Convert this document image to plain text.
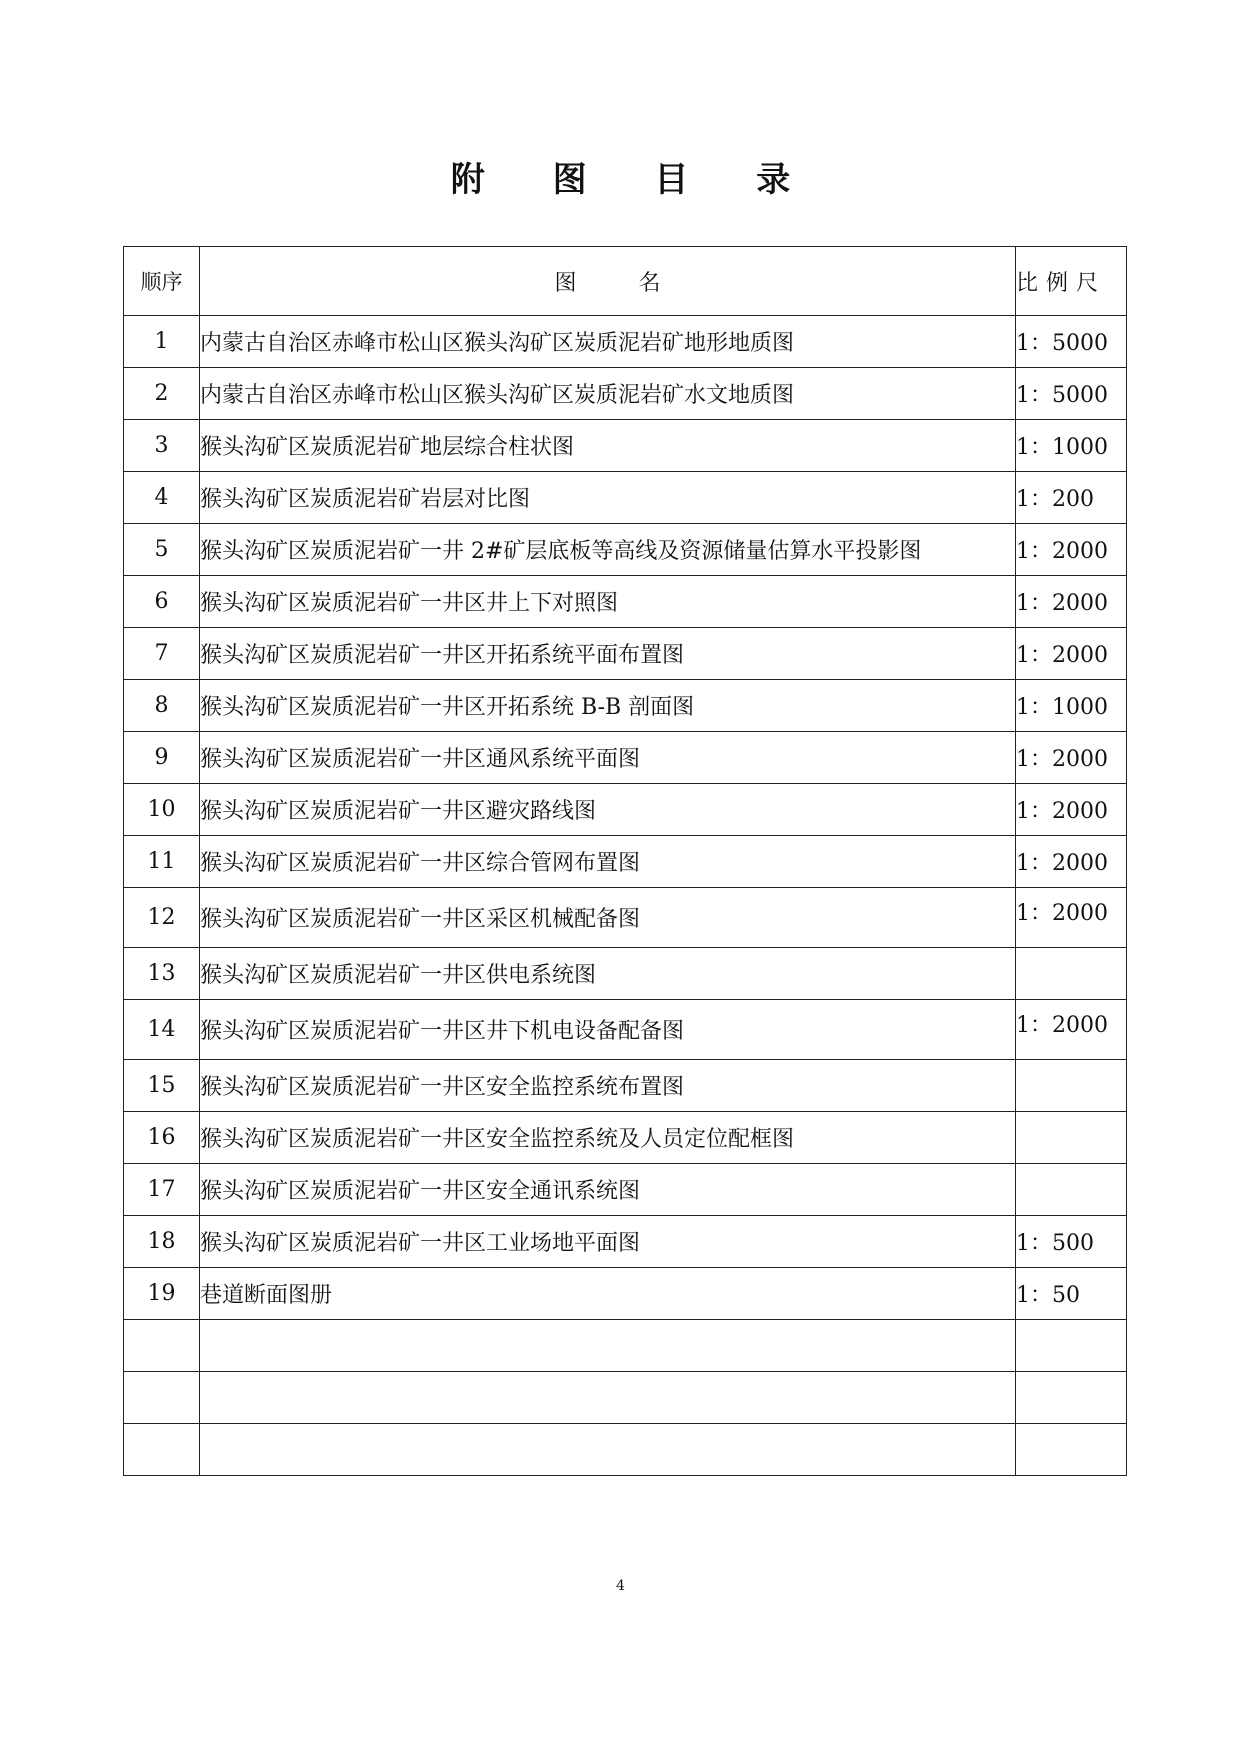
附 图 目 录
顺序	图 名	比例尺
1	内蒙古自治区赤峰市松山区猴头沟矿区炭质泥岩矿地形地质图	1：5000
2	内蒙古自治区赤峰市松山区猴头沟矿区炭质泥岩矿水文地质图	1：5000
3	猴头沟矿区炭质泥岩矿地层综合柱状图	1：1000
4	猴头沟矿区炭质泥岩矿岩层对比图	1：200
5	猴头沟矿区炭质泥岩矿一井 2#矿层底板等高线及资源储量估算水平投影图	1：2000
6	猴头沟矿区炭质泥岩矿一井区井上下对照图	1：2000
7	猴头沟矿区炭质泥岩矿一井区开拓系统平面布置图	1：2000
8	猴头沟矿区炭质泥岩矿一井区开拓系统 B-B 剖面图	1：1000
9	猴头沟矿区炭质泥岩矿一井区通风系统平面图	1：2000
10	猴头沟矿区炭质泥岩矿一井区避灾路线图	1：2000
11	猴头沟矿区炭质泥岩矿一井区综合管网布置图	1：2000
12	猴头沟矿区炭质泥岩矿一井区采区机械配备图	1：2000
13	猴头沟矿区炭质泥岩矿一井区供电系统图	
14	猴头沟矿区炭质泥岩矿一井区井下机电设备配备图	1：2000
15	猴头沟矿区炭质泥岩矿一井区安全监控系统布置图	
16	猴头沟矿区炭质泥岩矿一井区安全监控系统及人员定位配框图	
17	猴头沟矿区炭质泥岩矿一井区安全通讯系统图	
18	猴头沟矿区炭质泥岩矿一井区工业场地平面图	1：500
19	巷道断面图册	1：50

4
